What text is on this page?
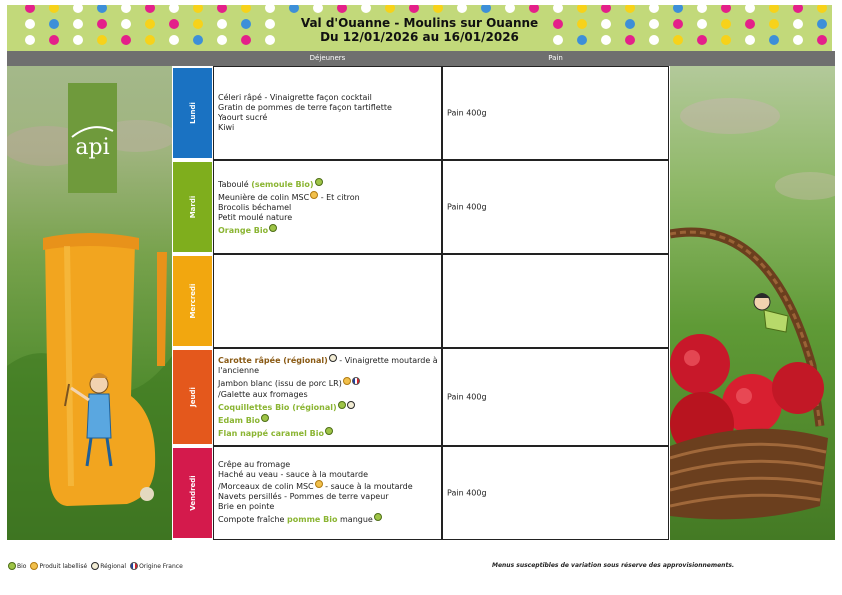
Val d'Ouanne - Moulins sur Ouanne
Du 12/01/2026 au 16/01/2026
Déjeuners	Pain
api
Lundi
Céleri râpé - Vinaigrette façon cocktail
Gratin de pommes de terre façon tartiflette
Yaourt sucré
Kiwi
Pain 400g
Mardi
Taboulé (semoule Bio)
Meunière de colin MSC - Et citron
Brocolis béchamel
Petit moulé nature
Orange Bio
Pain 400g
Mercredi
Jeudi
Carotte râpée (régional) - Vinaigrette moutarde à l'ancienne
Jambon blanc (issu de porc LR)
/Galette aux fromages
Coquillettes Bio (régional)
Edam Bio
Flan nappé caramel Bio
Pain 400g
Vendredi
Crêpe au fromage
Haché au veau - sauce à la moutarde
/Morceaux de colin MSC - sauce à la moutarde
Navets persillés - Pommes de terre vapeur
Brie en pointe
Compote fraîche pomme Bio mangue
Pain 400g
Bio Produit labellisé Régional Origine France	Menus susceptibles de variation sous réserve des approvisionnements.
